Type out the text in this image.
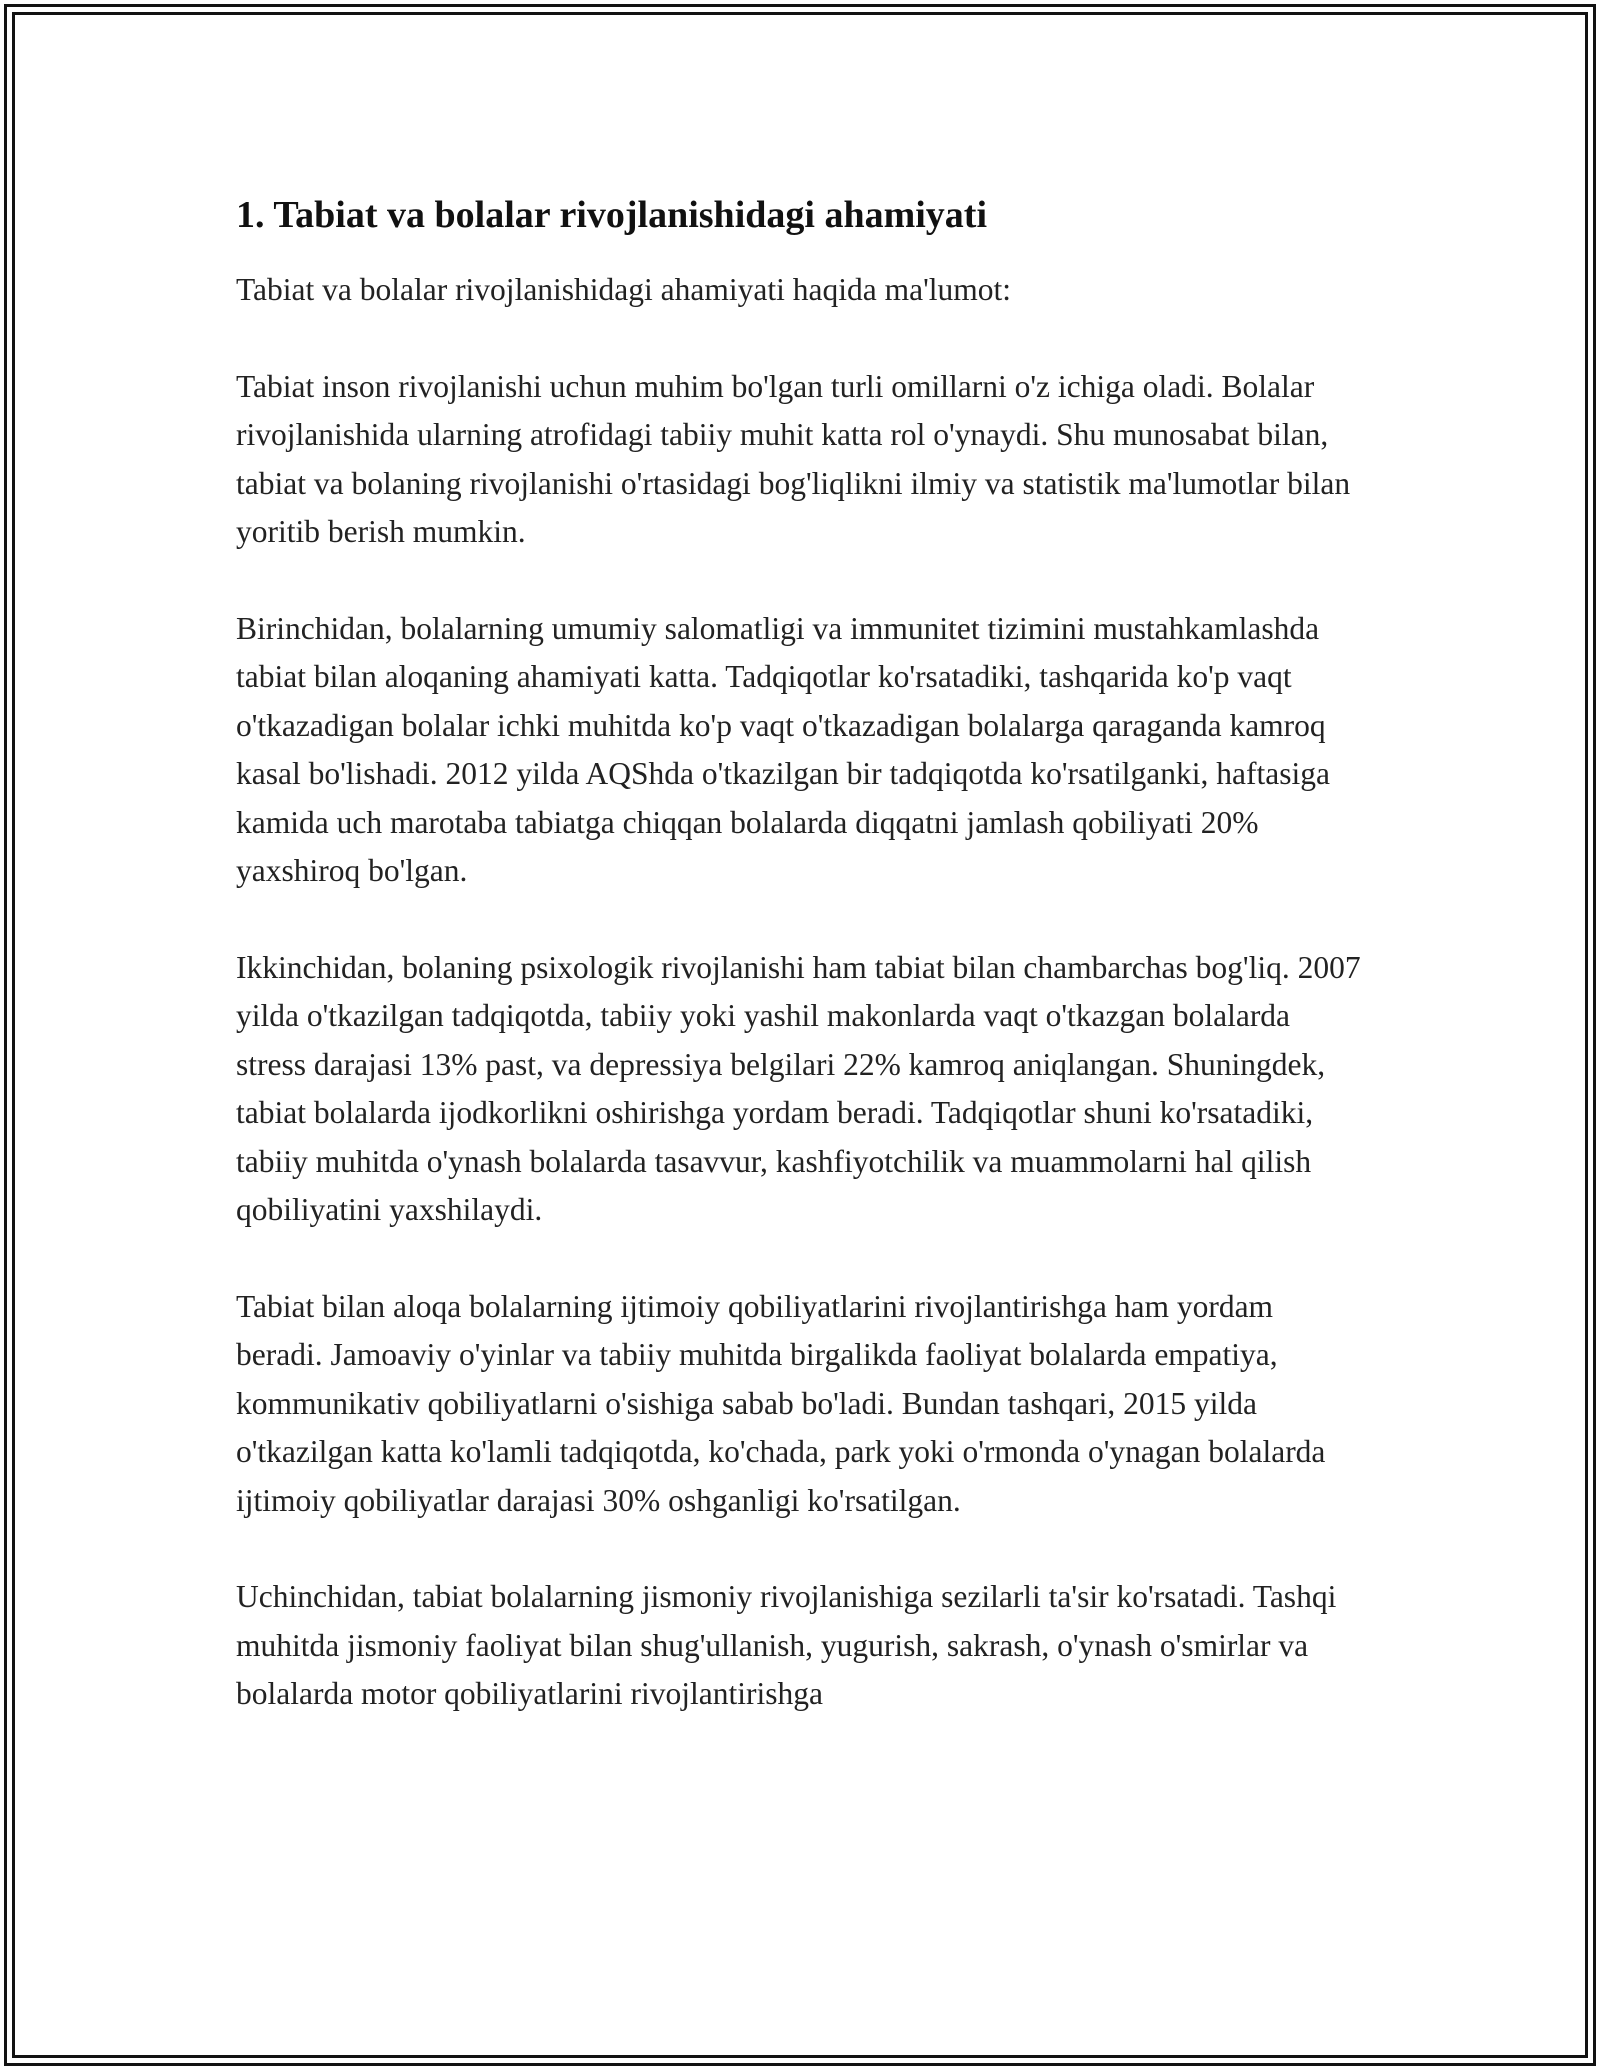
1. Tabiat va bolalar rivojlanishidagi ahamiyati

Tabiat va bolalar rivojlanishidagi ahamiyati haqida ma'lumot:

Tabiat inson rivojlanishi uchun muhim bo'lgan turli omillarni o'z ichiga oladi. Bolalar rivojlanishida ularning atrofidagi tabiiy muhit katta rol o'ynaydi. Shu munosabat bilan, tabiat va bolaning rivojlanishi o'rtasidagi bog'liqlikni ilmiy va statistik ma'lumotlar bilan yoritib berish mumkin.

Birinchidan, bolalarning umumiy salomatligi va immunitet tizimini mustahkamlashda tabiat bilan aloqaning ahamiyati katta. Tadqiqotlar ko'rsatadiki, tashqarida ko'p vaqt o'tkazadigan bolalar ichki muhitda ko'p vaqt o'tkazadigan bolalarga qaraganda kamroq kasal bo'lishadi. 2012 yilda AQShda o'tkazilgan bir tadqiqotda ko'rsatilganki, haftasiga kamida uch marotaba tabiatga chiqqan bolalarda diqqatni jamlash qobiliyati 20% yaxshiroq bo'lgan.

Ikkinchidan, bolaning psixologik rivojlanishi ham tabiat bilan chambarchas bog'liq. 2007 yilda o'tkazilgan tadqiqotda, tabiiy yoki yashil makonlarda vaqt o'tkazgan bolalarda stress darajasi 13% past, va depressiya belgilari 22% kamroq aniqlangan. Shuningdek, tabiat bolalarda ijodkorlikni oshirishga yordam beradi. Tadqiqotlar shuni ko'rsatadiki, tabiiy muhitda o'ynash bolalarda tasavvur, kashfiyotchilik va muammolarni hal qilish qobiliyatini yaxshilaydi.

Tabiat bilan aloqa bolalarning ijtimoiy qobiliyatlarini rivojlantirishga ham yordam beradi. Jamoaviy o'yinlar va tabiiy muhitda birgalikda faoliyat bolalarda empatiya, kommunikativ qobiliyatlarni o'sishiga sabab bo'ladi. Bundan tashqari, 2015 yilda o'tkazilgan katta ko'lamli tadqiqotda, ko'chada, park yoki o'rmonda o'ynagan bolalarda ijtimoiy qobiliyatlar darajasi 30% oshganligi ko'rsatilgan.

Uchinchidan, tabiat bolalarning jismoniy rivojlanishiga sezilarli ta'sir ko'rsatadi. Tashqi muhitda jismoniy faoliyat bilan shug'ullanish, yugurish, sakrash, o'ynash o'smirlar va bolalarda motor qobiliyatlarini rivojlantirishga
